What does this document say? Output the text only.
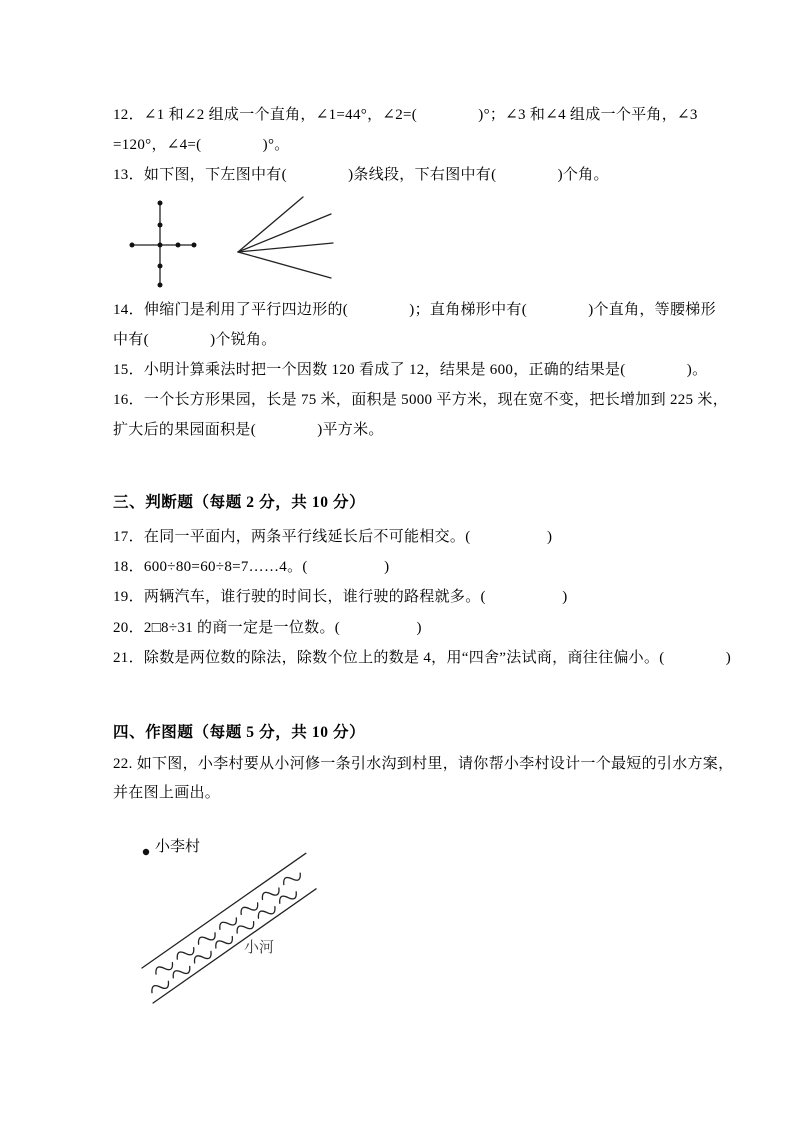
12．∠1 和∠2 组成一个直角，∠1=44°，∠2=(　　　　)°；∠3 和∠4 组成一个平角，∠3
=120°，∠4=(　　　　)°。
13．如下图，下左图中有(　　　　)条线段，下右图中有(　　　　)个角。
14．伸缩门是利用了平行四边形的(　　　　)；直角梯形中有(　　　　)个直角，等腰梯形
中有(　　　　)个锐角。
15．小明计算乘法时把一个因数 120 看成了 12，结果是 600，正确的结果是(　　　　)。
16．一个长方形果园，长是 75 米，面积是 5000 平方米，现在宽不变，把长增加到 225 米，
扩大后的果园面积是(　　　　)平方米。
三、判断题（每题 2 分，共 10 分）
17．在同一平面内，两条平行线延长后不可能相交。(　　　　　)
18．600÷80=60÷8=7……4。(　　　　　)
19．两辆汽车，谁行驶的时间长，谁行驶的路程就多。(　　　　　)
20．2□8÷31 的商一定是一位数。(　　　　　)
21．除数是两位数的除法，除数个位上的数是 4，用“四舍”法试商，商往往偏小。(　　　　)
四、作图题（每题 5 分，共 10 分）
22. 如下图，小李村要从小河修一条引水沟到村里，请你帮小李村设计一个最短的引水方案，
并在图上画出。
小李村
小河
